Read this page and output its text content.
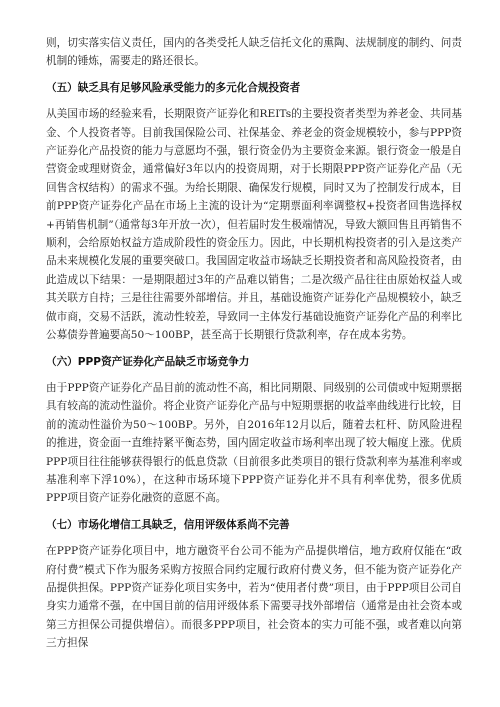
则，切实落实信义责任，国内的各类受托人缺乏信托文化的熏陶、法规制度的制约、问责机制的锤炼，需要走的路还很长。

（五）缺乏具有足够风险承受能力的多元化合规投资者

从美国市场的经验来看，长期限资产证券化和REITs的主要投资者类型为养老金、共同基金、个人投资者等。目前我国保险公司、社保基金、养老金的资金规模较小，参与PPP资产证券化产品投资的能力与意愿均不强，银行资金仍为主要资金来源。银行资金一般是自营资金或理财资金，通常偏好3年以内的投资周期，对于长期限PPP资产证券化产品（无回售含权结构）的需求不强。为给长期限、确保发行规模，同时又为了控制发行成本，目前PPP资产证券化产品在市场上主流的设计为“定期票面利率调整权+投资者回售选择权+再销售机制”（通常每3年开放一次），但若届时发生极端情况，导致大额回售且再销售不顺利，会给原始权益方造成阶段性的资金压力。因此，中长期机构投资者的引入是这类产品未来规模化发展的重要突破口。我国固定收益市场缺乏长期投资者和高风险投资者，由此造成以下结果：一是期限超过3年的产品难以销售；二是次级产品往往由原始权益人或其关联方自持；三是往往需要外部增信。并且，基础设施资产证券化产品规模较小，缺乏做市商，交易不活跃，流动性较差，导致同一主体发行基础设施资产证券化产品的利率比公募债券普遍要高50～100BP，甚至高于长期银行贷款利率，存在成本劣势。

（六）PPP资产证券化产品缺乏市场竞争力

由于PPP资产证券化产品目前的流动性不高，相比同期限、同级别的公司债或中短期票据具有较高的流动性溢价。将企业资产证券化产品与中短期票据的收益率曲线进行比较，目前的流动性溢价为50～100BP。另外，自2016年12月以后，随着去杠杆、防风险进程的推进，资金面一直维持紧平衡态势，国内固定收益市场利率出现了较大幅度上涨。优质PPP项目往往能够获得银行的低息贷款（目前很多此类项目的银行贷款利率为基准利率或基准利率下浮10%），在这种市场环境下PPP资产证券化并不具有利率优势，很多优质PPP项目资产证券化融资的意愿不高。

（七）市场化增信工具缺乏，信用评级体系尚不完善

在PPP资产证券化项目中，地方融资平台公司不能为产品提供增信，地方政府仅能在“政府付费”模式下作为服务采购方按照合同约定履行政府付费义务，但不能为资产证券化产品提供担保。PPP资产证券化项目实务中，若为“使用者付费”项目，由于PPP项目公司自身实力通常不强，在中国目前的信用评级体系下需要寻找外部增信（通常是由社会资本或第三方担保公司提供增信）。而很多PPP项目，社会资本的实力可能不强，或者难以向第三方担保
